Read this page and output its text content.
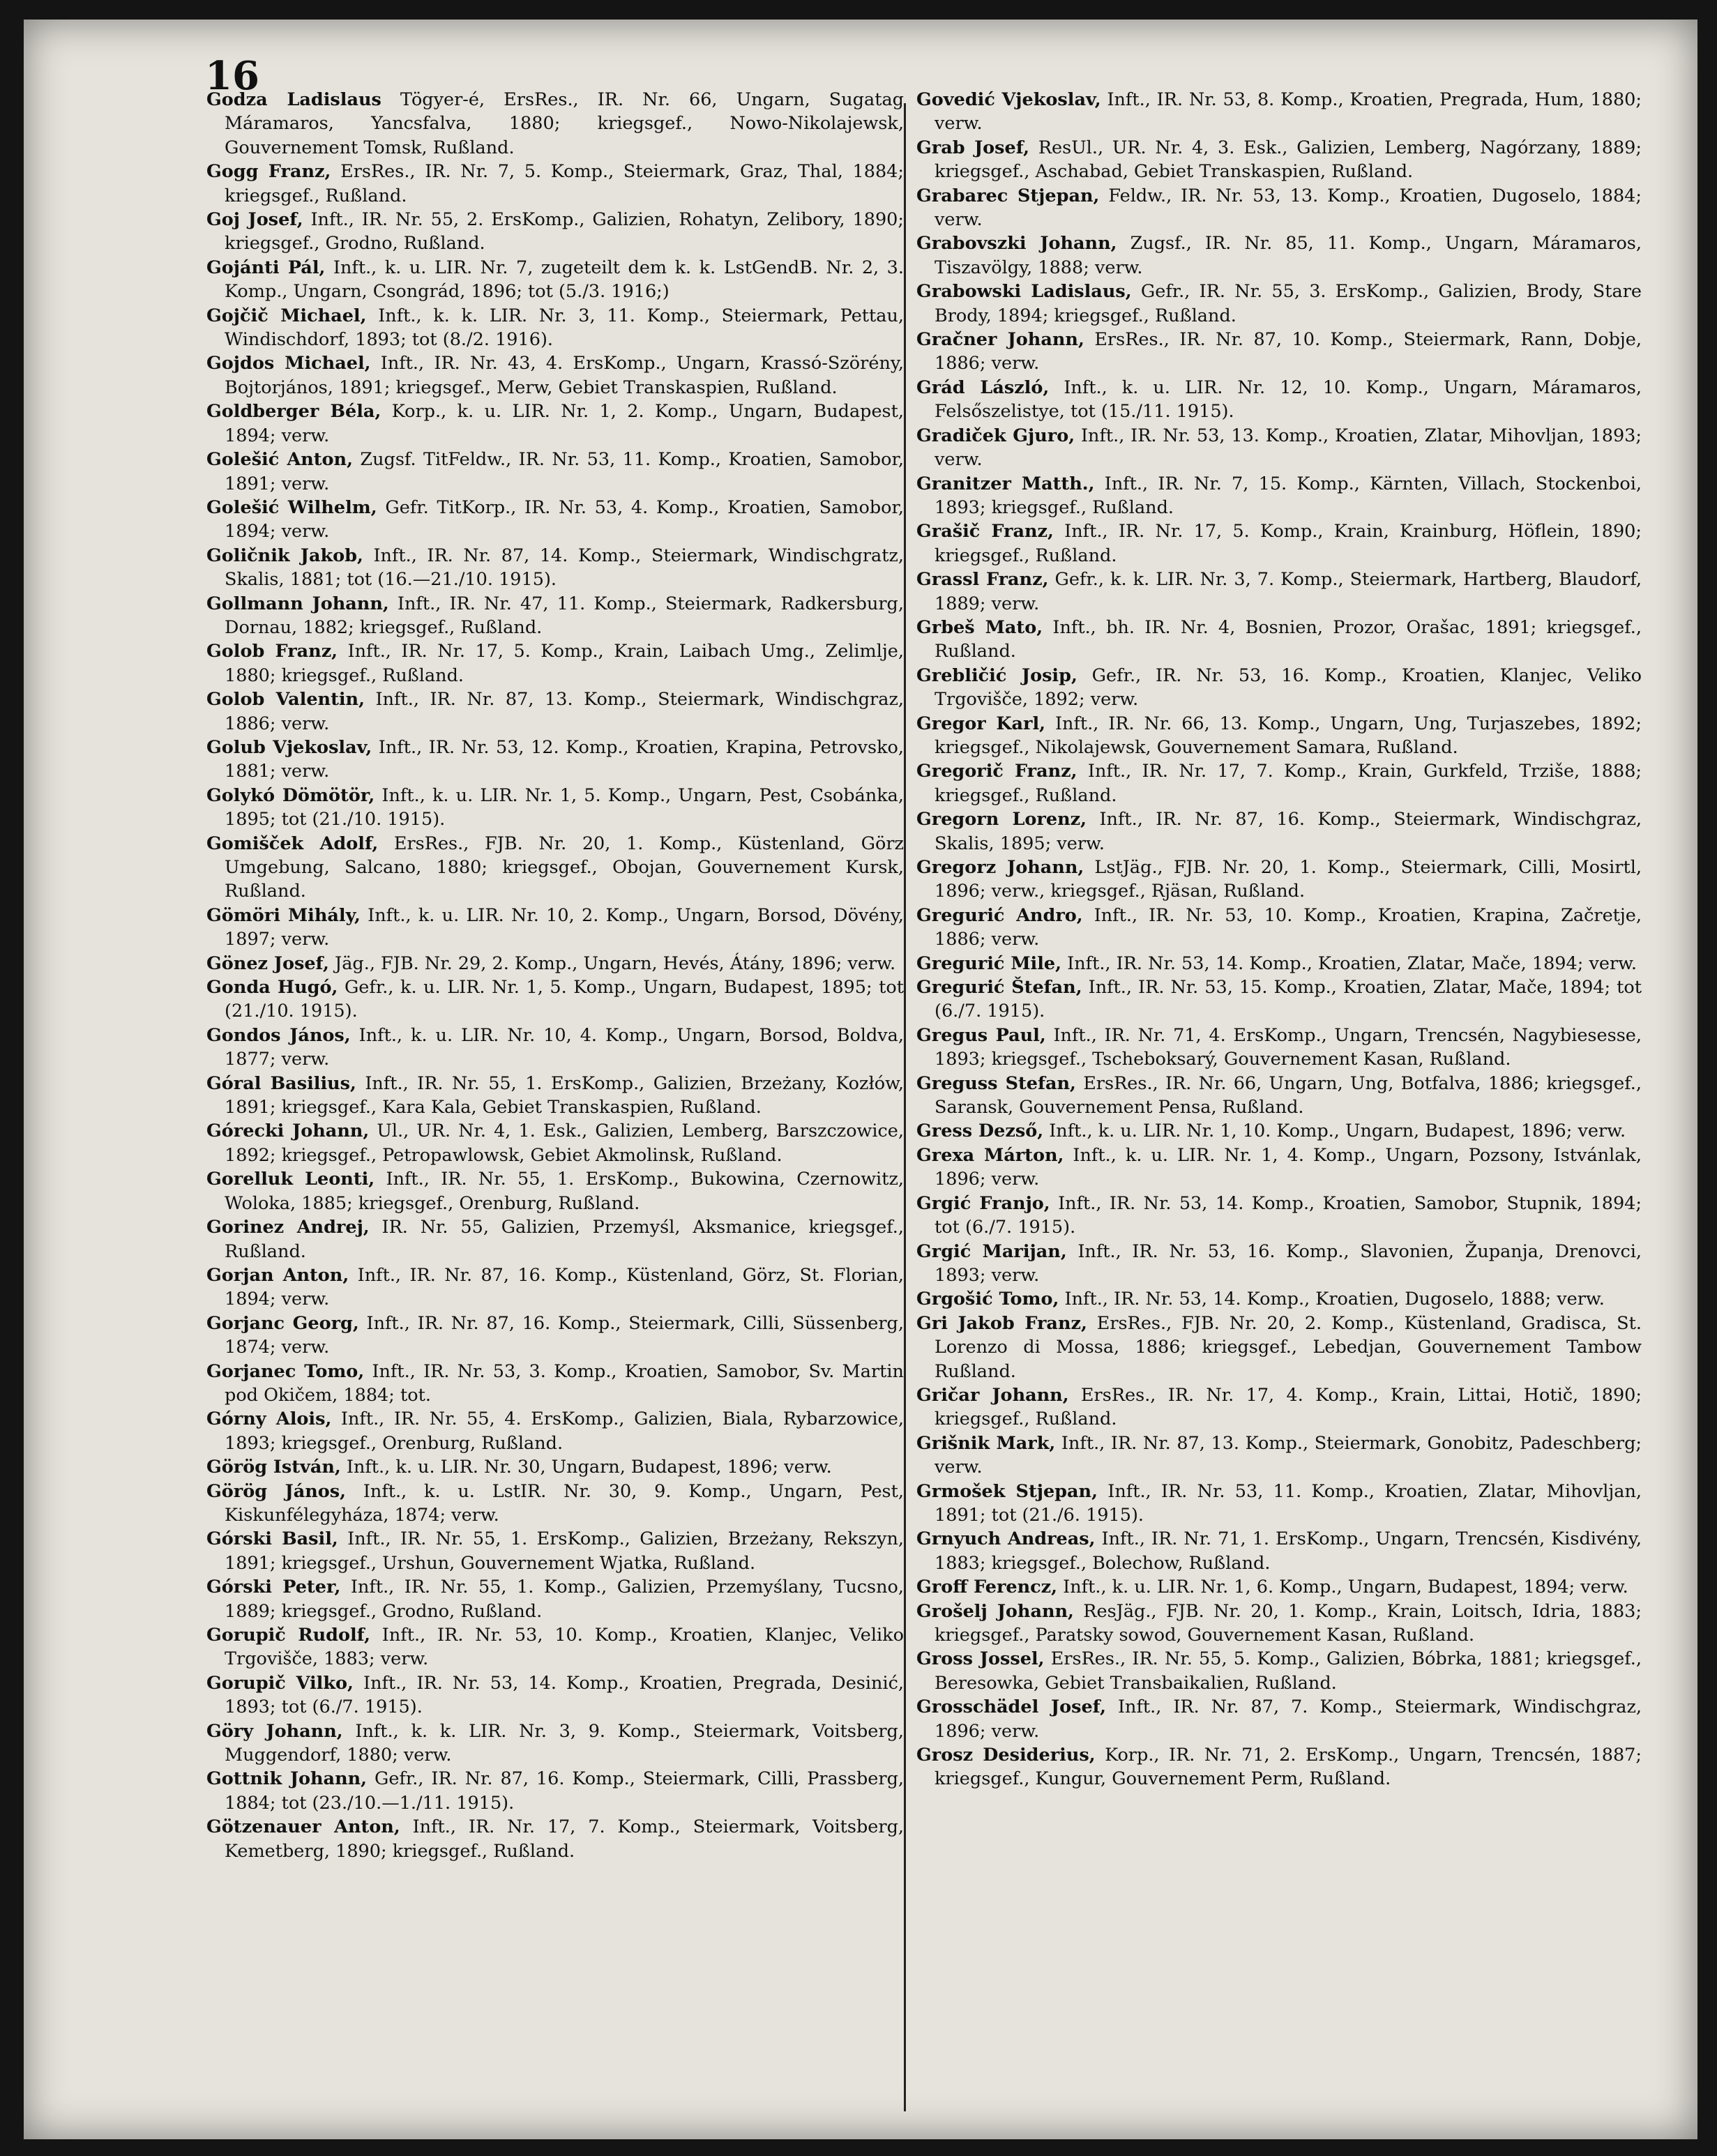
16
Godza Ladislaus Tögyer-é, ErsRes., IR. Nr. 66, Ungarn, Sugatag Máramaros, Yancsfalva, 1880; kriegsgef., Nowo-Nikolajewsk, Gouvernement Tomsk, Rußland.
Gogg Franz, ErsRes., IR. Nr. 7, 5. Komp., Steiermark, Graz, Thal, 1884; kriegsgef., Rußland.
Goj Josef, Inft., IR. Nr. 55, 2. ErsKomp., Galizien, Rohatyn, Zelibory, 1890; kriegsgef., Grodno, Rußland.
Gojánti Pál, Inft., k. u. LIR. Nr. 7, zugeteilt dem k. k. LstGendB. Nr. 2, 3. Komp., Ungarn, Csongrád, 1896; tot (5./3. 1916;)
Gojčič Michael, Inft., k. k. LIR. Nr. 3, 11. Komp., Steiermark, Pettau, Windischdorf, 1893; tot (8./2. 1916).
Gojdos Michael, Inft., IR. Nr. 43, 4. ErsKomp., Ungarn, Krassó-Szörény, Bojtorjános, 1891; kriegsgef., Merw, Gebiet Transkaspien, Rußland.
Goldberger Béla, Korp., k. u. LIR. Nr. 1, 2. Komp., Ungarn, Budapest, 1894; verw.
Golešić Anton, Zugsf. TitFeldw., IR. Nr. 53, 11. Komp., Kroatien, Samobor, 1891; verw.
Golešić Wilhelm, Gefr. TitKorp., IR. Nr. 53, 4. Komp., Kroatien, Samobor, 1894; verw.
Goličnik Jakob, Inft., IR. Nr. 87, 14. Komp., Steiermark, Windischgratz, Skalis, 1881; tot (16.—21./10. 1915).
Gollmann Johann, Inft., IR. Nr. 47, 11. Komp., Steiermark, Radkersburg, Dornau, 1882; kriegsgef., Rußland.
Golob Franz, Inft., IR. Nr. 17, 5. Komp., Krain, Laibach Umg., Zelimlje, 1880; kriegsgef., Rußland.
Golob Valentin, Inft., IR. Nr. 87, 13. Komp., Steiermark, Windischgraz, 1886; verw.
Golub Vjekoslav, Inft., IR. Nr. 53, 12. Komp., Kroatien, Krapina, Petrovsko, 1881; verw.
Golykó Dömötör, Inft., k. u. LIR. Nr. 1, 5. Komp., Ungarn, Pest, Csobánka, 1895; tot (21./10. 1915).
Gomišček Adolf, ErsRes., FJB. Nr. 20, 1. Komp., Küstenland, Görz Umgebung, Salcano, 1880; kriegsgef., Obojan, Gouvernement Kursk, Rußland.
Gömöri Mihály, Inft., k. u. LIR. Nr. 10, 2. Komp., Ungarn, Borsod, Dövény, 1897; verw.
Gönez Josef, Jäg., FJB. Nr. 29, 2. Komp., Ungarn, Hevés, Átány, 1896; verw.
Gonda Hugó, Gefr., k. u. LIR. Nr. 1, 5. Komp., Ungarn, Budapest, 1895; tot (21./10. 1915).
Gondos János, Inft., k. u. LIR. Nr. 10, 4. Komp., Ungarn, Borsod, Boldva, 1877; verw.
Góral Basilius, Inft., IR. Nr. 55, 1. ErsKomp., Galizien, Brzeżany, Kozłów, 1891; kriegsgef., Kara Kala, Gebiet Transkaspien, Rußland.
Górecki Johann, Ul., UR. Nr. 4, 1. Esk., Galizien, Lemberg, Barszczowice, 1892; kriegsgef., Petropawlowsk, Gebiet Akmolinsk, Rußland.
Gorelluk Leonti, Inft., IR. Nr. 55, 1. ErsKomp., Bukowina, Czernowitz, Woloka, 1885; kriegsgef., Orenburg, Rußland.
Gorinez Andrej, IR. Nr. 55, Galizien, Przemyśl, Aksmanice, kriegsgef., Rußland.
Gorjan Anton, Inft., IR. Nr. 87, 16. Komp., Küstenland, Görz, St. Florian, 1894; verw.
Gorjanc Georg, Inft., IR. Nr. 87, 16. Komp., Steiermark, Cilli, Süssenberg, 1874; verw.
Gorjanec Tomo, Inft., IR. Nr. 53, 3. Komp., Kroatien, Samobor, Sv. Martin pod Okičem, 1884; tot.
Górny Alois, Inft., IR. Nr. 55, 4. ErsKomp., Galizien, Biala, Rybarzowice, 1893; kriegsgef., Orenburg, Rußland.
Görög István, Inft., k. u. LIR. Nr. 30, Ungarn, Budapest, 1896; verw.
Görög János, Inft., k. u. LstIR. Nr. 30, 9. Komp., Ungarn, Pest, Kiskunfélegyháza, 1874; verw.
Górski Basil, Inft., IR. Nr. 55, 1. ErsKomp., Galizien, Brzeżany, Rekszyn, 1891; kriegsgef., Urshun, Gouvernement Wjatka, Rußland.
Górski Peter, Inft., IR. Nr. 55, 1. Komp., Galizien, Przemyślany, Tucsno, 1889; kriegsgef., Grodno, Rußland.
Gorupič Rudolf, Inft., IR. Nr. 53, 10. Komp., Kroatien, Klanjec, Veliko Trgovišče, 1883; verw.
Gorupič Vilko, Inft., IR. Nr. 53, 14. Komp., Kroatien, Pregrada, Desinić, 1893; tot (6./7. 1915).
Göry Johann, Inft., k. k. LIR. Nr. 3, 9. Komp., Steiermark, Voitsberg, Muggendorf, 1880; verw.
Gottnik Johann, Gefr., IR. Nr. 87, 16. Komp., Steiermark, Cilli, Prassberg, 1884; tot (23./10.—1./11. 1915).
Götzenauer Anton, Inft., IR. Nr. 17, 7. Komp., Steiermark, Voitsberg, Kemetberg, 1890; kriegsgef., Rußland.
Govedić Vjekoslav, Inft., IR. Nr. 53, 8. Komp., Kroatien, Pregrada, Hum, 1880; verw.
Grab Josef, ResUl., UR. Nr. 4, 3. Esk., Galizien, Lemberg, Nagórzany, 1889; kriegsgef., Aschabad, Gebiet Transkaspien, Rußland.
Grabarec Stjepan, Feldw., IR. Nr. 53, 13. Komp., Kroatien, Dugoselo, 1884; verw.
Grabovszki Johann, Zugsf., IR. Nr. 85, 11. Komp., Ungarn, Máramaros, Tiszavölgy, 1888; verw.
Grabowski Ladislaus, Gefr., IR. Nr. 55, 3. ErsKomp., Galizien, Brody, Stare Brody, 1894; kriegsgef., Rußland.
Gračner Johann, ErsRes., IR. Nr. 87, 10. Komp., Steiermark, Rann, Dobje, 1886; verw.
Grád László, Inft., k. u. LIR. Nr. 12, 10. Komp., Ungarn, Máramaros, Felsőszelistye, tot (15./11. 1915).
Gradiček Gjuro, Inft., IR. Nr. 53, 13. Komp., Kroatien, Zlatar, Mihovljan, 1893; verw.
Granitzer Matth., Inft., IR. Nr. 7, 15. Komp., Kärnten, Villach, Stockenboi, 1893; kriegsgef., Rußland.
Grašič Franz, Inft., IR. Nr. 17, 5. Komp., Krain, Krainburg, Höflein, 1890; kriegsgef., Rußland.
Grassl Franz, Gefr., k. k. LIR. Nr. 3, 7. Komp., Steiermark, Hartberg, Blaudorf, 1889; verw.
Grbeš Mato, Inft., bh. IR. Nr. 4, Bosnien, Prozor, Orašac, 1891; kriegsgef., Rußland.
Grebličić Josip, Gefr., IR. Nr. 53, 16. Komp., Kroatien, Klanjec, Veliko Trgovišče, 1892; verw.
Gregor Karl, Inft., IR. Nr. 66, 13. Komp., Ungarn, Ung, Turjaszebes, 1892; kriegsgef., Nikolajewsk, Gouvernement Samara, Rußland.
Gregorič Franz, Inft., IR. Nr. 17, 7. Komp., Krain, Gurkfeld, Trziše, 1888; kriegsgef., Rußland.
Gregorn Lorenz, Inft., IR. Nr. 87, 16. Komp., Steiermark, Windischgraz, Skalis, 1895; verw.
Gregorz Johann, LstJäg., FJB. Nr. 20, 1. Komp., Steiermark, Cilli, Mosirtl, 1896; verw., kriegsgef., Rjäsan, Rußland.
Gregurić Andro, Inft., IR. Nr. 53, 10. Komp., Kroatien, Krapina, Začretje, 1886; verw.
Gregurić Mile, Inft., IR. Nr. 53, 14. Komp., Kroatien, Zlatar, Mače, 1894; verw.
Gregurić Štefan, Inft., IR. Nr. 53, 15. Komp., Kroatien, Zlatar, Mače, 1894; tot (6./7. 1915).
Gregus Paul, Inft., IR. Nr. 71, 4. ErsKomp., Ungarn, Trencsén, Nagybiesesse, 1893; kriegsgef., Tscheboksarý, Gouvernement Kasan, Rußland.
Greguss Stefan, ErsRes., IR. Nr. 66, Ungarn, Ung, Botfalva, 1886; kriegsgef., Saransk, Gouvernement Pensa, Rußland.
Gress Dezső, Inft., k. u. LIR. Nr. 1, 10. Komp., Ungarn, Budapest, 1896; verw.
Grexa Márton, Inft., k. u. LIR. Nr. 1, 4. Komp., Ungarn, Pozsony, Istvánlak, 1896; verw.
Grgić Franjo, Inft., IR. Nr. 53, 14. Komp., Kroatien, Samobor, Stupnik, 1894; tot (6./7. 1915).
Grgić Marijan, Inft., IR. Nr. 53, 16. Komp., Slavonien, Županja, Drenovci, 1893; verw.
Grgošić Tomo, Inft., IR. Nr. 53, 14. Komp., Kroatien, Dugoselo, 1888; verw.
Gri Jakob Franz, ErsRes., FJB. Nr. 20, 2. Komp., Küstenland, Gradisca, St. Lorenzo di Mossa, 1886; kriegsgef., Lebedjan, Gouvernement Tambow Rußland.
Gričar Johann, ErsRes., IR. Nr. 17, 4. Komp., Krain, Littai, Hotič, 1890; kriegsgef., Rußland.
Grišnik Mark, Inft., IR. Nr. 87, 13. Komp., Steiermark, Gonobitz, Padeschberg; verw.
Grmošek Stjepan, Inft., IR. Nr. 53, 11. Komp., Kroatien, Zlatar, Mihovljan, 1891; tot (21./6. 1915).
Grnyuch Andreas, Inft., IR. Nr. 71, 1. ErsKomp., Ungarn, Trencsén, Kisdivény, 1883; kriegsgef., Bolechow, Rußland.
Groff Ferencz, Inft., k. u. LIR. Nr. 1, 6. Komp., Ungarn, Budapest, 1894; verw.
Grošelj Johann, ResJäg., FJB. Nr. 20, 1. Komp., Krain, Loitsch, Idria, 1883; kriegsgef., Paratsky sowod, Gouvernement Kasan, Rußland.
Gross Jossel, ErsRes., IR. Nr. 55, 5. Komp., Galizien, Bóbrka, 1881; kriegsgef., Beresowka, Gebiet Transbaikalien, Rußland.
Grosschädel Josef, Inft., IR. Nr. 87, 7. Komp., Steiermark, Windischgraz, 1896; verw.
Grosz Desiderius, Korp., IR. Nr. 71, 2. ErsKomp., Ungarn, Trencsén, 1887; kriegsgef., Kungur, Gouvernement Perm, Rußland.
